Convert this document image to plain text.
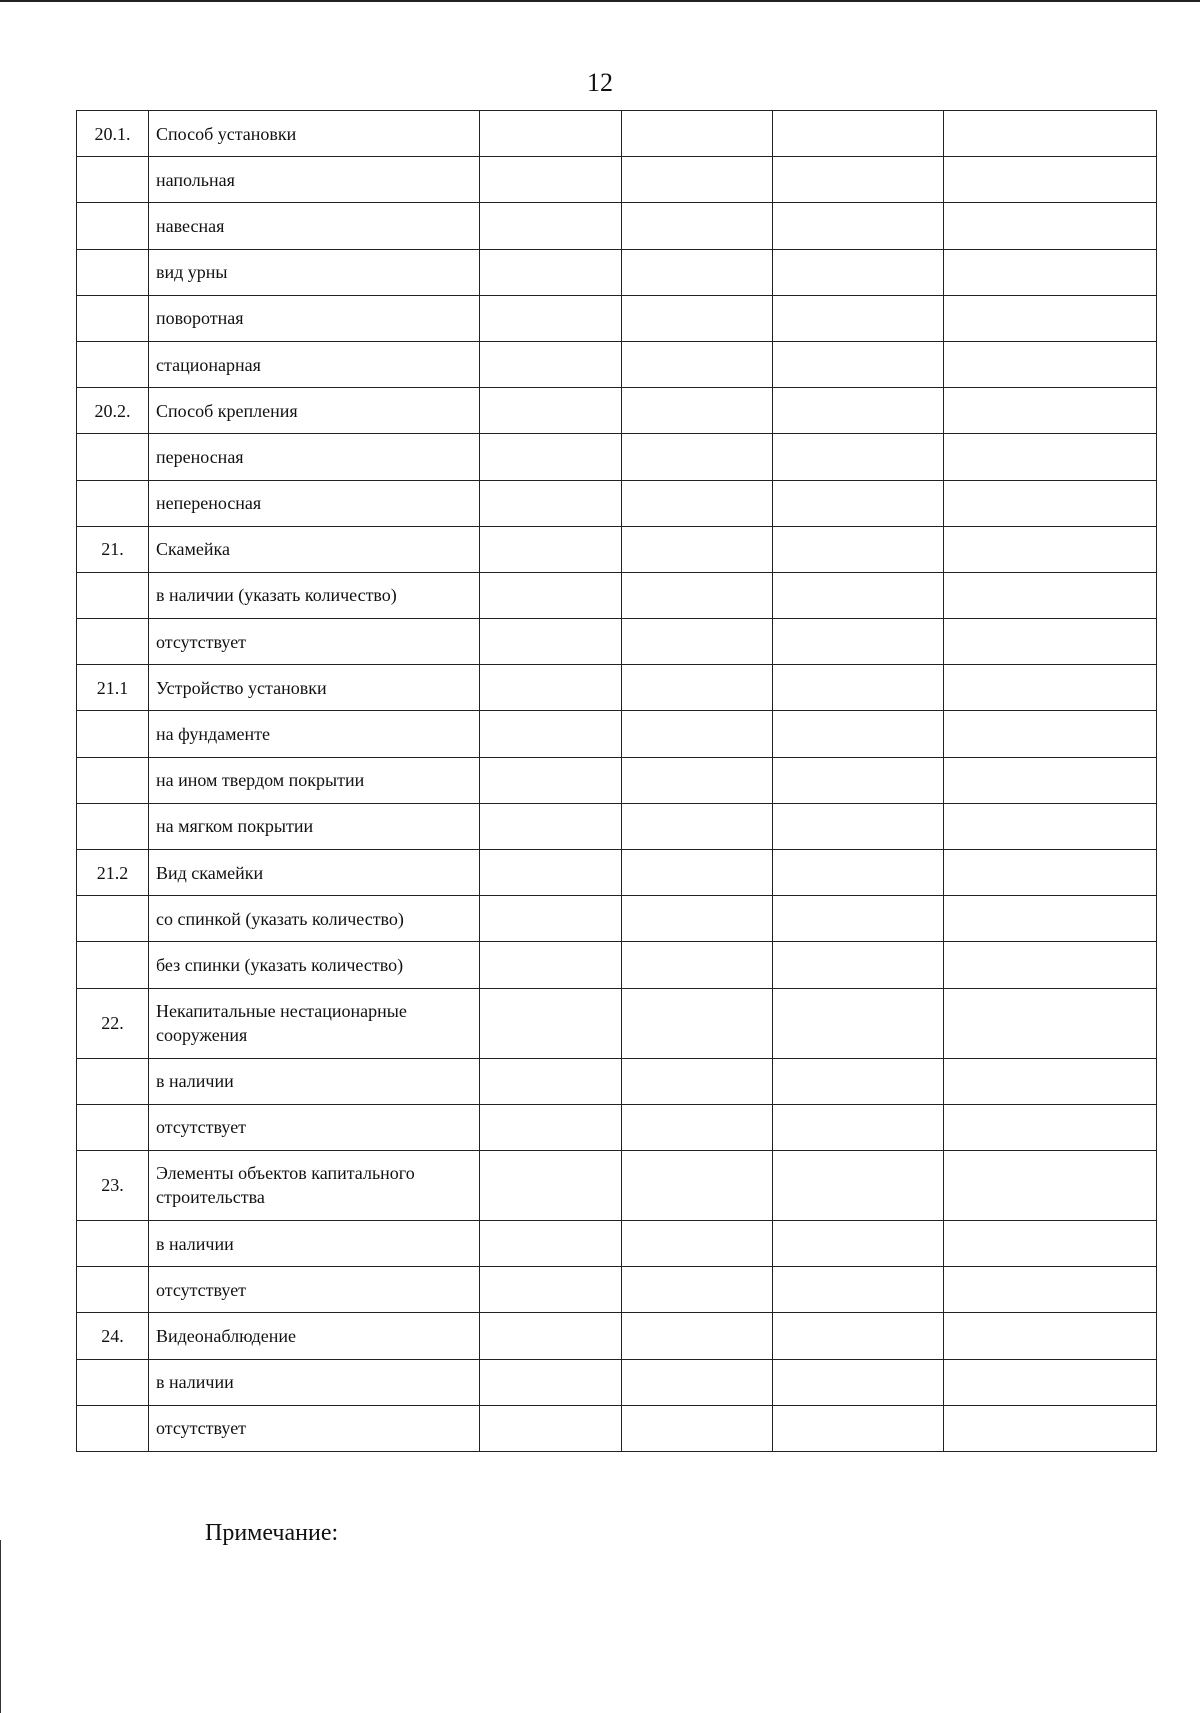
12
20.1.	Способ установки				
	напольная				
	навесная				
	вид урны				
	поворотная				
	стационарная				
20.2.	Способ крепления				
	переносная				
	непереносная				
21.	Скамейка				
	в наличии (указать количество)				
	отсутствует				
21.1	Устройство установки				
	на фундаменте				
	на ином твердом покрытии				
	на мягком покрытии				
21.2	Вид скамейки				
	со спинкой (указать количество)				
	без спинки (указать количество)				
22.	Некапитальные нестационарные сооружения				
	в наличии				
	отсутствует				
23.	Элементы объектов капитального строительства				
	в наличии				
	отсутствует				
24.	Видеонаблюдение				
	в наличии				
	отсутствует				
Примечание:
